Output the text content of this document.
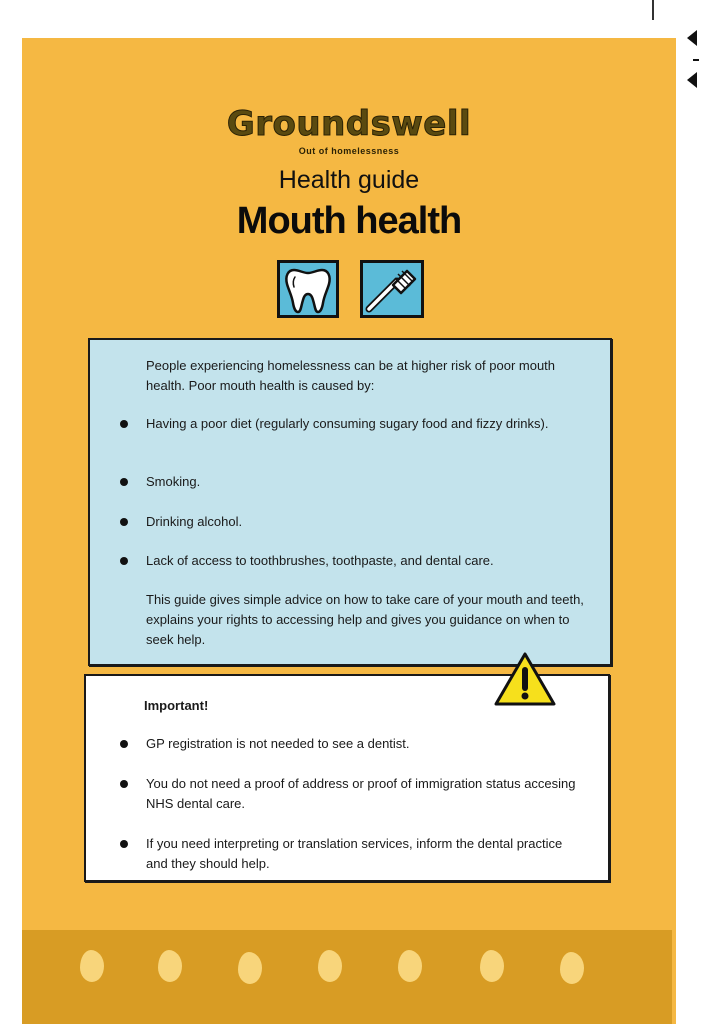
Groundswell
Out of homelessness
Health guide
Mouth health

People experiencing homelessness can be at higher risk of poor mouth health. Poor mouth health is caused by:

Having a poor diet (regularly consuming sugary food and fizzy drinks).
Smoking.
Drinking alcohol.
Lack of access to toothbrushes, toothpaste, and dental care.

This guide gives simple advice on how to take care of your mouth and teeth, explains your rights to accessing help and gives you guidance on when to seek help.

Important!
GP registration is not needed to see a dentist.
You do not need a proof of address or proof of immigration status accesing NHS dental care.
If you need interpreting or translation services, inform the dental practice and they should help.
